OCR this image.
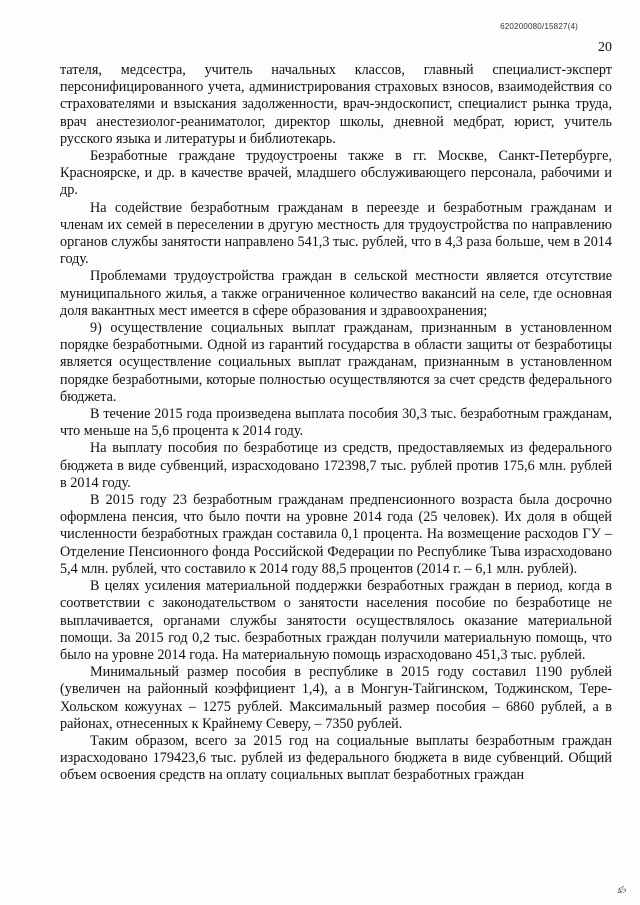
620200080/15827(4)
20

тателя, медсестра, учитель начальных классов, главный специалист-эксперт персонифицированного учета, администрирования страховых взносов, взаимодействия со страхователями и взыскания задолженности, врач-эндоскопист, специалист рынка труда, врач анестезиолог-реаниматолог, директор школы, дневной медбрат, юрист, учитель русского языка и литературы и библиотекарь.

Безработные граждане трудоустроены также в гг. Москве, Санкт-Петербурге, Красноярске, и др. в качестве врачей, младшего обслуживающего персонала, рабочими и др.

На содействие безработным гражданам в переезде и безработным гражданам и членам их семей в переселении в другую местность для трудоустройства по направлению органов службы занятости направлено 541,3 тыс. рублей, что в 4,3 раза больше, чем в 2014 году.

Проблемами трудоустройства граждан в сельской местности является отсутствие муниципального жилья, а также ограниченное количество вакансий на селе, где основная доля вакантных мест имеется в сфере образования и здравоохранения;

9) осуществление социальных выплат гражданам, признанным в установленном порядке безработными. Одной из гарантий государства в области защиты от безработицы является осуществление социальных выплат гражданам, признанным в установленном порядке безработными, которые полностью осуществляются за счет средств федерального бюджета.

В течение 2015 года произведена выплата пособия 30,3 тыс. безработным гражданам, что меньше на 5,6 процента к 2014 году.

На выплату пособия по безработице из средств, предоставляемых из федерального бюджета в виде субвенций, израсходовано 172398,7 тыс. рублей против 175,6 млн. рублей в 2014 году.

В 2015 году 23 безработным гражданам предпенсионного возраста была досрочно оформлена пенсия, что было почти на уровне 2014 года (25 человек). Их доля в общей численности безработных граждан составила 0,1 процента. На возмещение расходов ГУ – Отделение Пенсионного фонда Российской Федерации по Республике Тыва израсходовано 5,4 млн. рублей, что составило к 2014 году 88,5 процентов (2014 г. – 6,1 млн. рублей).

В целях усиления материальной поддержки безработных граждан в период, когда в соответствии с законодательством о занятости населения пособие по безработице не выплачивается, органами службы занятости осуществлялось оказание материальной помощи. За 2015 год 0,2 тыс. безработных граждан получили материальную помощь, что было на уровне 2014 года. На материальную помощь израсходовано 451,3 тыс. рублей.

Минимальный размер пособия в республике в 2015 году составил 1190 рублей (увеличен на районный коэффициент 1,4), а в Монгун-Тайгинском, Тоджинском, Тере-Хольском кожуунах – 1275 рублей. Максимальный размер пособия – 6860 рублей, а в районах, отнесенных к Крайнему Северу, – 7350 рублей.

Таким образом, всего за 2015 год на социальные выплаты безработным граждан израсходовано 179423,6 тыс. рублей из федерального бюджета в виде субвенций. Общий объем освоения средств на оплату социальных выплат безработных граждан

45
